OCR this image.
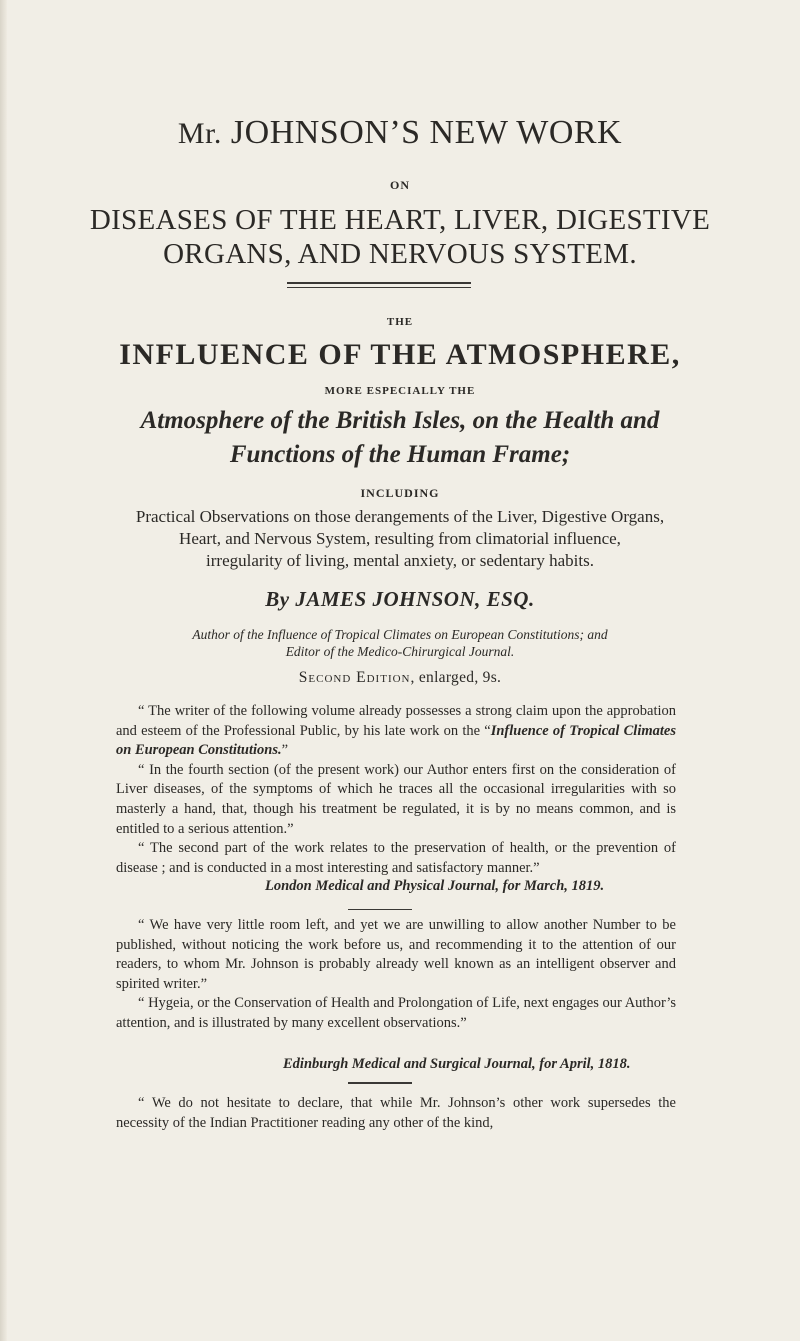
Mr. JOHNSON’S NEW WORK
ON
DISEASES OF THE HEART, LIVER, DIGESTIVE
ORGANS, AND NERVOUS SYSTEM.
THE
INFLUENCE OF THE ATMOSPHERE,
MORE ESPECIALLY THE
Atmosphere of the British Isles, on the Health and
Functions of the Human Frame;
INCLUDING
Practical Observations on those derangements of the Liver, Digestive Organs,
Heart, and Nervous System, resulting from climatorial influence,
irregularity of living, mental anxiety, or sedentary habits.
By JAMES JOHNSON, ESQ.
Author of the Influence of Tropical Climates on European Constitutions; and
Editor of the Medico-Chirurgical Journal.
Second Edition, enlarged, 9s.
“ The writer of the following volume already possesses a strong claim upon the approbation and esteem of the Professional Public, by his late work on the “Influence of Tropical Climates on European Constitutions.”
“ In the fourth section (of the present work) our Author enters first on the consideration of Liver diseases, of the symptoms of which he traces all the occasional irregularities with so masterly a hand, that, though his treatment be regulated, it is by no means common, and is entitled to a serious attention.”
“ The second part of the work relates to the preservation of health, or the prevention of disease ; and is conducted in a most interesting and satisfactory manner.”
London Medical and Physical Journal, for March, 1819.
“ We have very little room left, and yet we are unwilling to allow another Number to be published, without noticing the work before us, and recommending it to the attention of our readers, to whom Mr. Johnson is probably already well known as an intelligent observer and spirited writer.”
“ Hygeia, or the Conservation of Health and Prolongation of Life, next engages our Author’s attention, and is illustrated by many excellent observations.”
Edinburgh Medical and Surgical Journal, for April, 1818.
“ We do not hesitate to declare, that while Mr. Johnson’s other work supersedes the necessity of the Indian Practitioner reading any other of the kind,
